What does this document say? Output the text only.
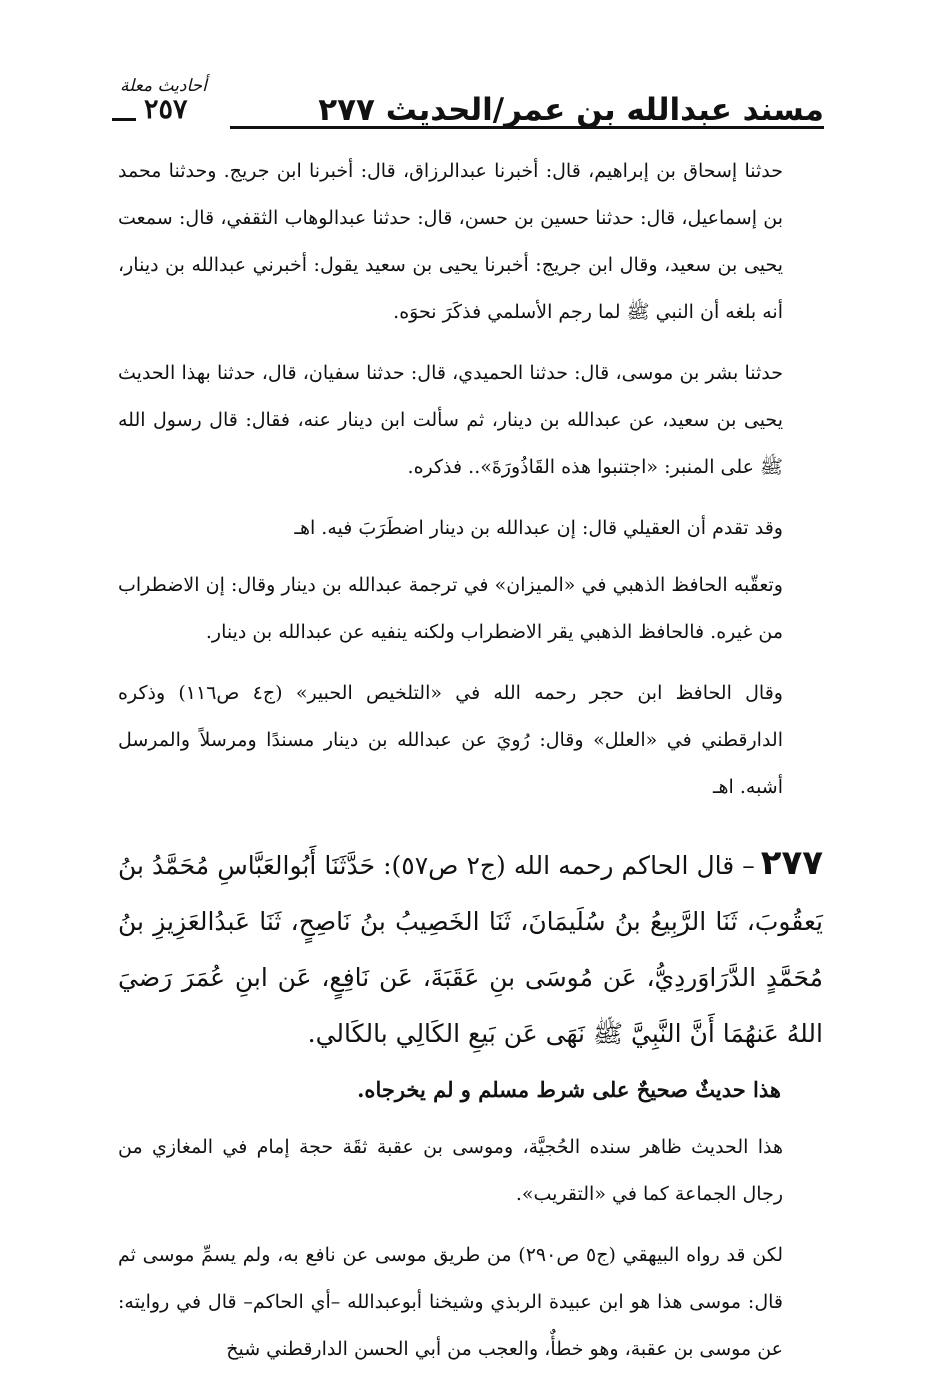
مسند عبدالله بن عمر/الحديث ٢٧٧
أحاديث معلة
٢٥٧

حدثنا إسحاق بن إبراهيم، قال: أخبرنا عبدالرزاق، قال: أخبرنا ابن جريج. وحدثنا محمد بن إسماعيل، قال: حدثنا حسين بن حسن، قال: حدثنا عبدالوهاب الثقفي، قال: سمعت يحيى بن سعيد، وقال ابن جريج: أخبرنا يحيى بن سعيد يقول: أخبرني عبدالله بن دينار، أنه بلغه أن النبي ﷺ لما رجم الأسلمي فذكَرَ نحوَه.

حدثنا بشر بن موسى، قال: حدثنا الحميدي، قال: حدثنا سفيان، قال، حدثنا بهذا الحديث يحيى بن سعيد، عن عبدالله بن دينار، ثم سألت ابن دينار عنه، فقال: قال رسول الله ﷺ على المنبر: «اجتنبوا هذه القَاذُورَةَ».. فذكره.

وقد تقدم أن العقيلي قال: إن عبدالله بن دينار اضطَرَبَ فيه. اهـ

وتعقّبه الحافظ الذهبي في «الميزان» في ترجمة عبدالله بن دينار وقال: إن الاضطراب من غيره. فالحافظ الذهبي يقر الاضطراب ولكنه ينفيه عن عبدالله بن دينار.

وقال الحافظ ابن حجر رحمه الله في «التلخيص الحبير» (ج٤ ص١١٦) وذكره الدارقطني في «العلل» وقال: رُويَ عن عبدالله بن دينار مسندًا ومرسلاً والمرسل أشبه. اهـ

٢٧٧– قال الحاكم رحمه الله (ج٢ ص٥٧): حَدَّثَنَا أَبُوالعَبَّاسِ مُحَمَّدُ بنُ يَعقُوبَ، ثَنَا الرَّبِيعُ بنُ سُلَيمَانَ، ثَنَا الخَصِيبُ بنُ نَاصِحٍ، ثَنَا عَبدُالعَزِيزِ بنُ مُحَمَّدٍ الدَّرَاوَردِيُّ، عَن مُوسَى بنِ عَقَبَةَ، عَن نَافِعٍ، عَن ابنِ عُمَرَ رَضيَ اللهُ عَنهُمَا أَنَّ النَّبِيَّ ﷺ نَهَى عَن بَيعِ الكَالِي بالكَالي.

هذا حديثٌ صحيحٌ على شرط مسلم و لم يخرجاه.

هذا الحديث ظاهر سنده الحُجيَّة، وموسى بن عقبة ثقَة حجة إمام في المغازي من رجال الجماعة كما في «التقريب».

لكن قد رواه البيهقي (ج٥ ص٢٩٠) من طريق موسى عن نافع به، ولم يسمِّ موسى ثم قال: موسى هذا هو ابن عبيدة الربذي وشيخنا أبوعبدالله –أي الحاكم– قال في روايته: عن موسى بن عقبة، وهو خطأٌ، والعجب من أبي الحسن الدارقطني شيخ
